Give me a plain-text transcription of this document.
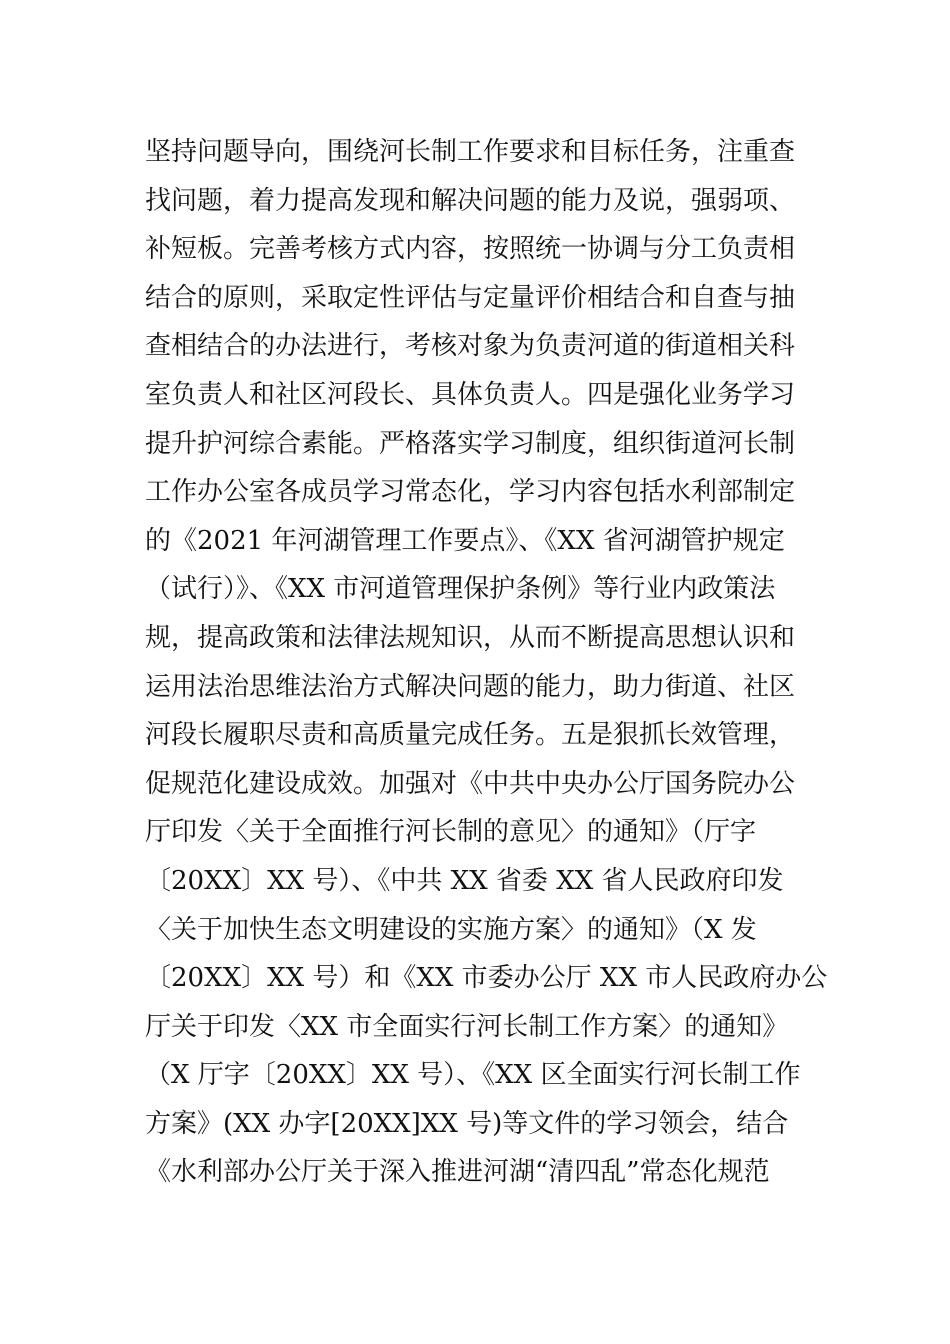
坚持问题导向，围绕河长制工作要求和目标任务，注重查
找问题，着力提高发现和解决问题的能力及说，强弱项、
补短板。完善考核方式内容，按照统一协调与分工负责相
结合的原则，采取定性评估与定量评价相结合和自查与抽
查相结合的办法进行，考核对象为负责河道的街道相关科
室负责人和社区河段长、具体负责人。四是强化业务学习
提升护河综合素能。严格落实学习制度，组织街道河长制
工作办公室各成员学习常态化，学习内容包括水利部制定
的《2021 年河湖管理工作要点》、《XX 省河湖管护规定
（试行）》、《XX 市河道管理保护条例》等行业内政策法
规，提高政策和法律法规知识，从而不断提高思想认识和
运用法治思维法治方式解决问题的能力，助力街道、社区
河段长履职尽责和高质量完成任务。五是狠抓长效管理，
促规范化建设成效。加强对《中共中央办公厅国务院办公
厅印发〈关于全面推行河长制的意见〉的通知》（厅字
〔20XX〕XX 号）、《中共 XX 省委 XX 省人民政府印发
〈关于加快生态文明建设的实施方案〉的通知》（X 发
〔20XX〕XX 号）和《XX 市委办公厅 XX 市人民政府办公
厅关于印发〈XX 市全面实行河长制工作方案〉的通知》
（X 厅字〔20XX〕XX 号）、《XX 区全面实行河长制工作
方案》(XX 办字[20XX]XX 号)等文件的学习领会，结合
《水利部办公厅关于深入推进河湖“清四乱”常态化规范
